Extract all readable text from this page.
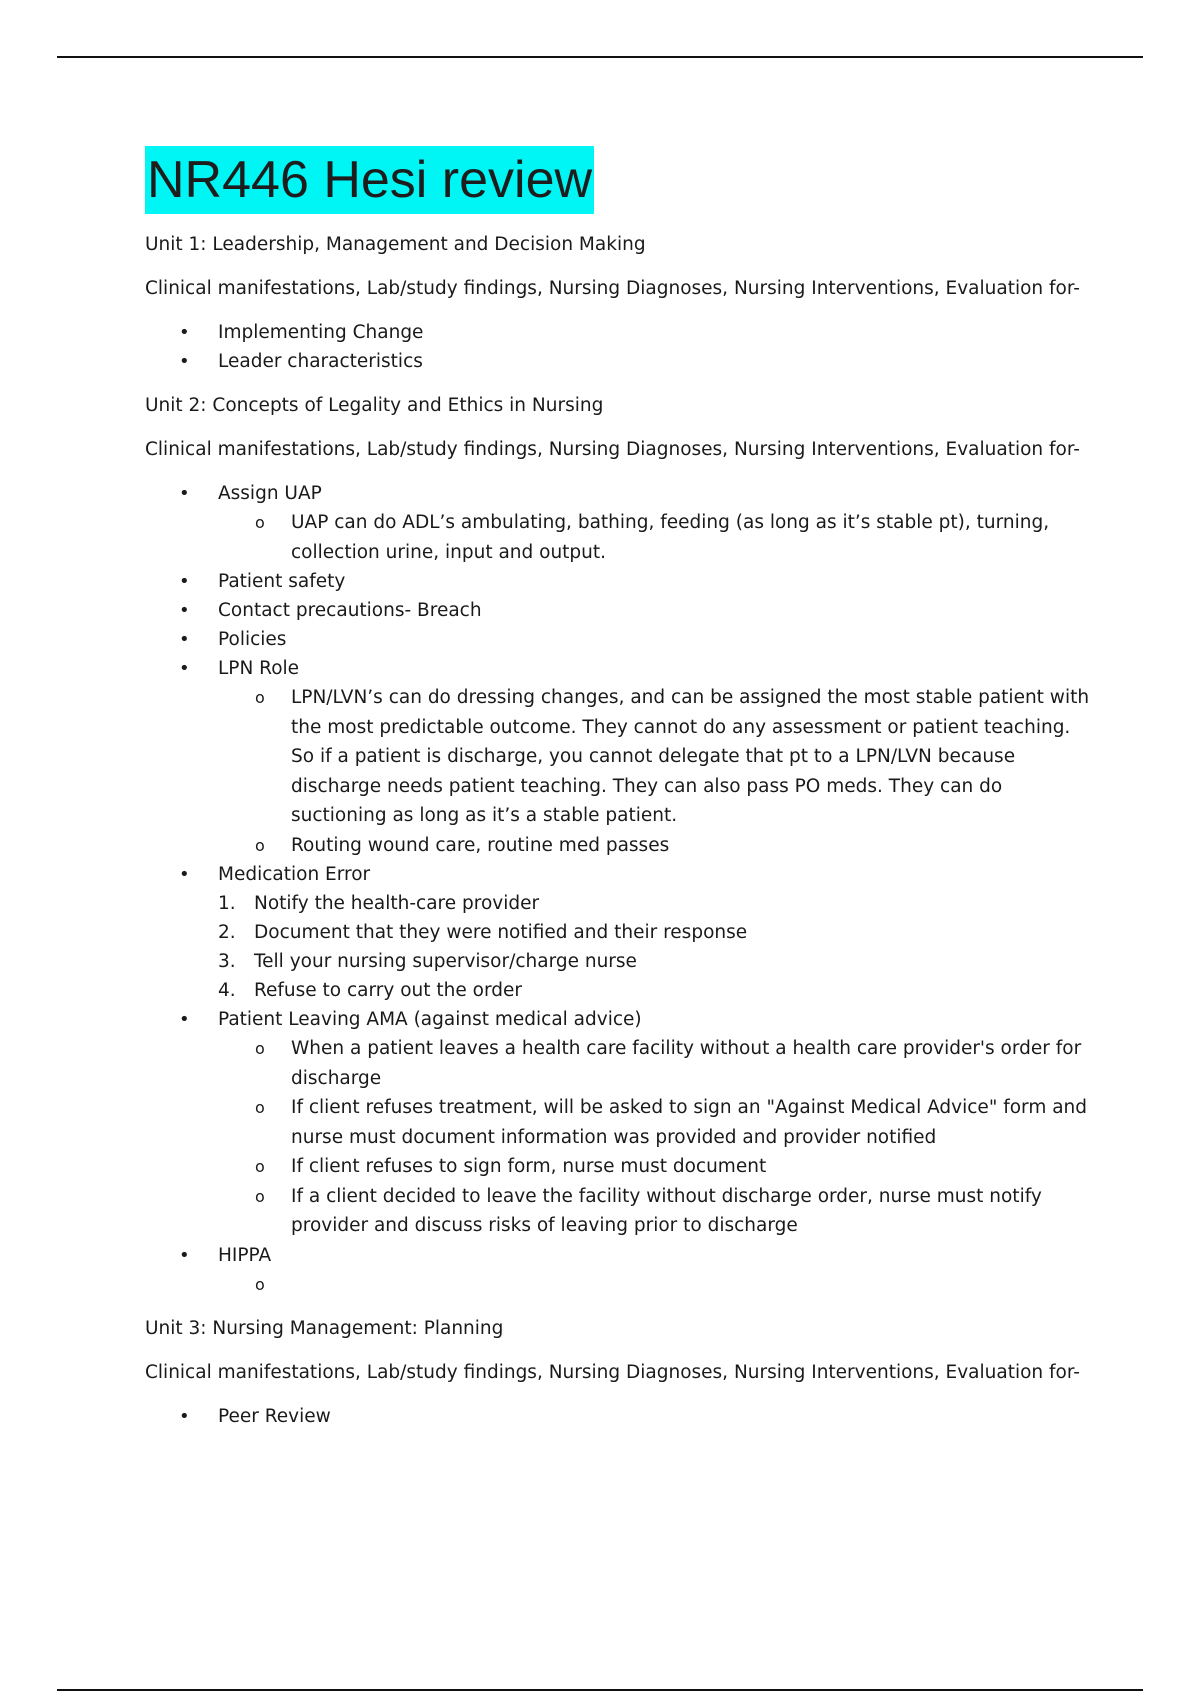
NR446 Hesi review
Unit 1: Leadership, Management and Decision Making
Clinical manifestations, Lab/study findings, Nursing Diagnoses, Nursing Interventions, Evaluation for-
• Implementing Change
• Leader characteristics
Unit 2: Concepts of Legality and Ethics in Nursing
Clinical manifestations, Lab/study findings, Nursing Diagnoses, Nursing Interventions, Evaluation for-
• Assign UAP
o UAP can do ADL’s ambulating, bathing, feeding (as long as it’s stable pt), turning, collection urine, input and output.
• Patient safety
• Contact precautions- Breach
• Policies
• LPN Role
o LPN/LVN’s can do dressing changes, and can be assigned the most stable patient with the most predictable outcome. They cannot do any assessment or patient teaching. So if a patient is discharge, you cannot delegate that pt to a LPN/LVN because discharge needs patient teaching. They can also pass PO meds. They can do suctioning as long as it’s a stable patient.
o Routing wound care, routine med passes
• Medication Error
1. Notify the health-care provider
2. Document that they were notified and their response
3. Tell your nursing supervisor/charge nurse
4. Refuse to carry out the order
• Patient Leaving AMA (against medical advice)
o When a patient leaves a health care facility without a health care provider's order for discharge
o If client refuses treatment, will be asked to sign an "Against Medical Advice" form and nurse must document information was provided and provider notified
o If client refuses to sign form, nurse must document
o If a client decided to leave the facility without discharge order, nurse must notify provider and discuss risks of leaving prior to discharge
• HIPPA
o

Unit 3: Nursing Management: Planning
Clinical manifestations, Lab/study findings, Nursing Diagnoses, Nursing Interventions, Evaluation for-
• Peer Review
